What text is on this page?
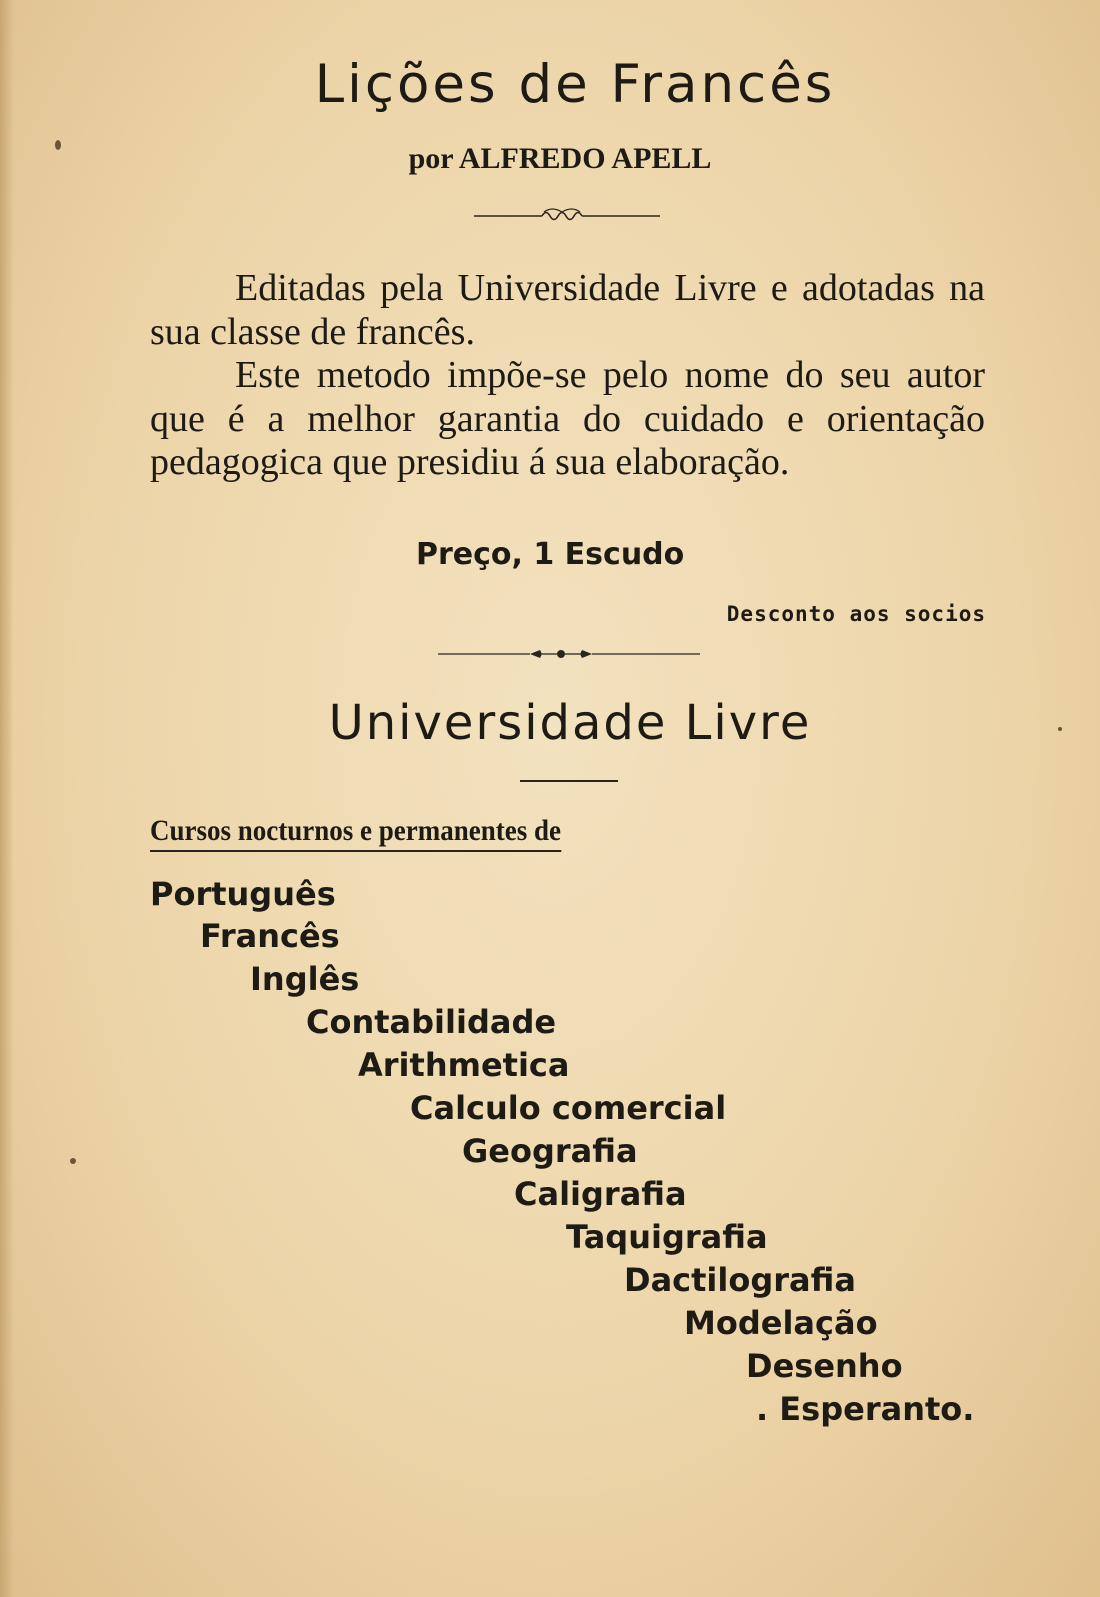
Lições de Francês
por ALFREDO APELL

Editadas pela Universidade Livre e adotadas na sua classe de francês.

Este metodo impõe-se pelo nome do seu autor que é a melhor garantia do cuidado e orientação pedagogica que presidiu á sua elaboração.

Preço, 1 Escudo
Desconto aos socios
Universidade Livre
Cursos nocturnos e permanentes de
Português
Francês
Inglês
Contabilidade
Arithmetica
Calculo comercial
Geografia
Caligrafia
Taquigrafia
Dactilografia
Modelação
Desenho
. Esperanto.
